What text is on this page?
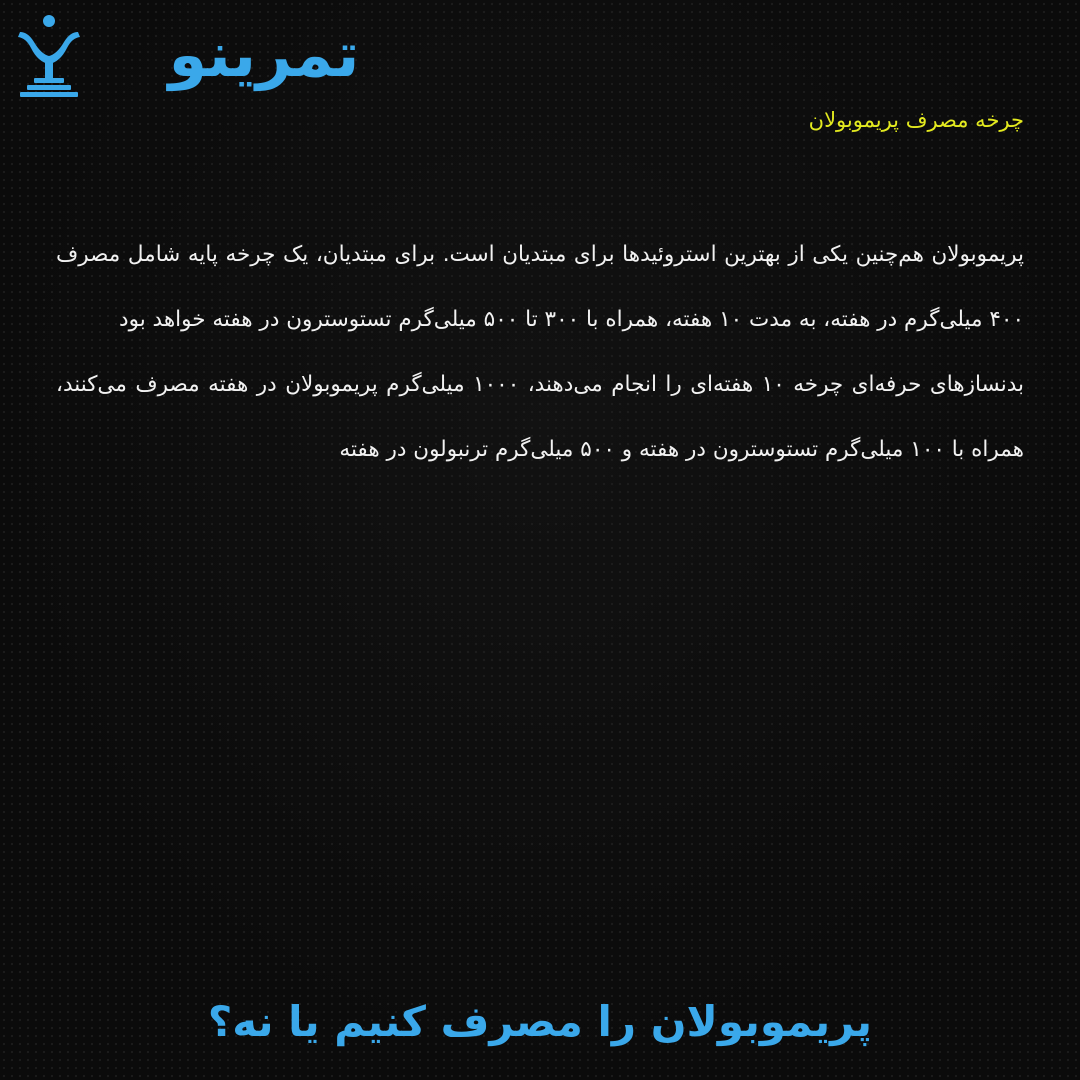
تمرینو
چرخه مصرف پریموبولان

پریموبولان هم‌چنین یکی از بهترین استروئیدها برای مبتدیان است. برای مبتدیان، یک چرخه پایه شامل مصرف ۴۰۰ میلی‌گرم در هفته، به مدت ۱۰ هفته، همراه با ۳۰۰ تا ۵۰۰ میلی‌گرم تستوسترون در هفته خواهد بود

بدنسازهای حرفه‌ای چرخه ۱۰ هفته‌ای را انجام می‌دهند، ۱۰۰۰ میلی‌گرم پریموبولان در هفته مصرف می‌کنند، همراه با ۱۰۰ میلی‌گرم تستوسترون در هفته و ۵۰۰ میلی‌گرم ترنبولون در هفته

پریموبولان را مصرف کنیم یا نه؟
